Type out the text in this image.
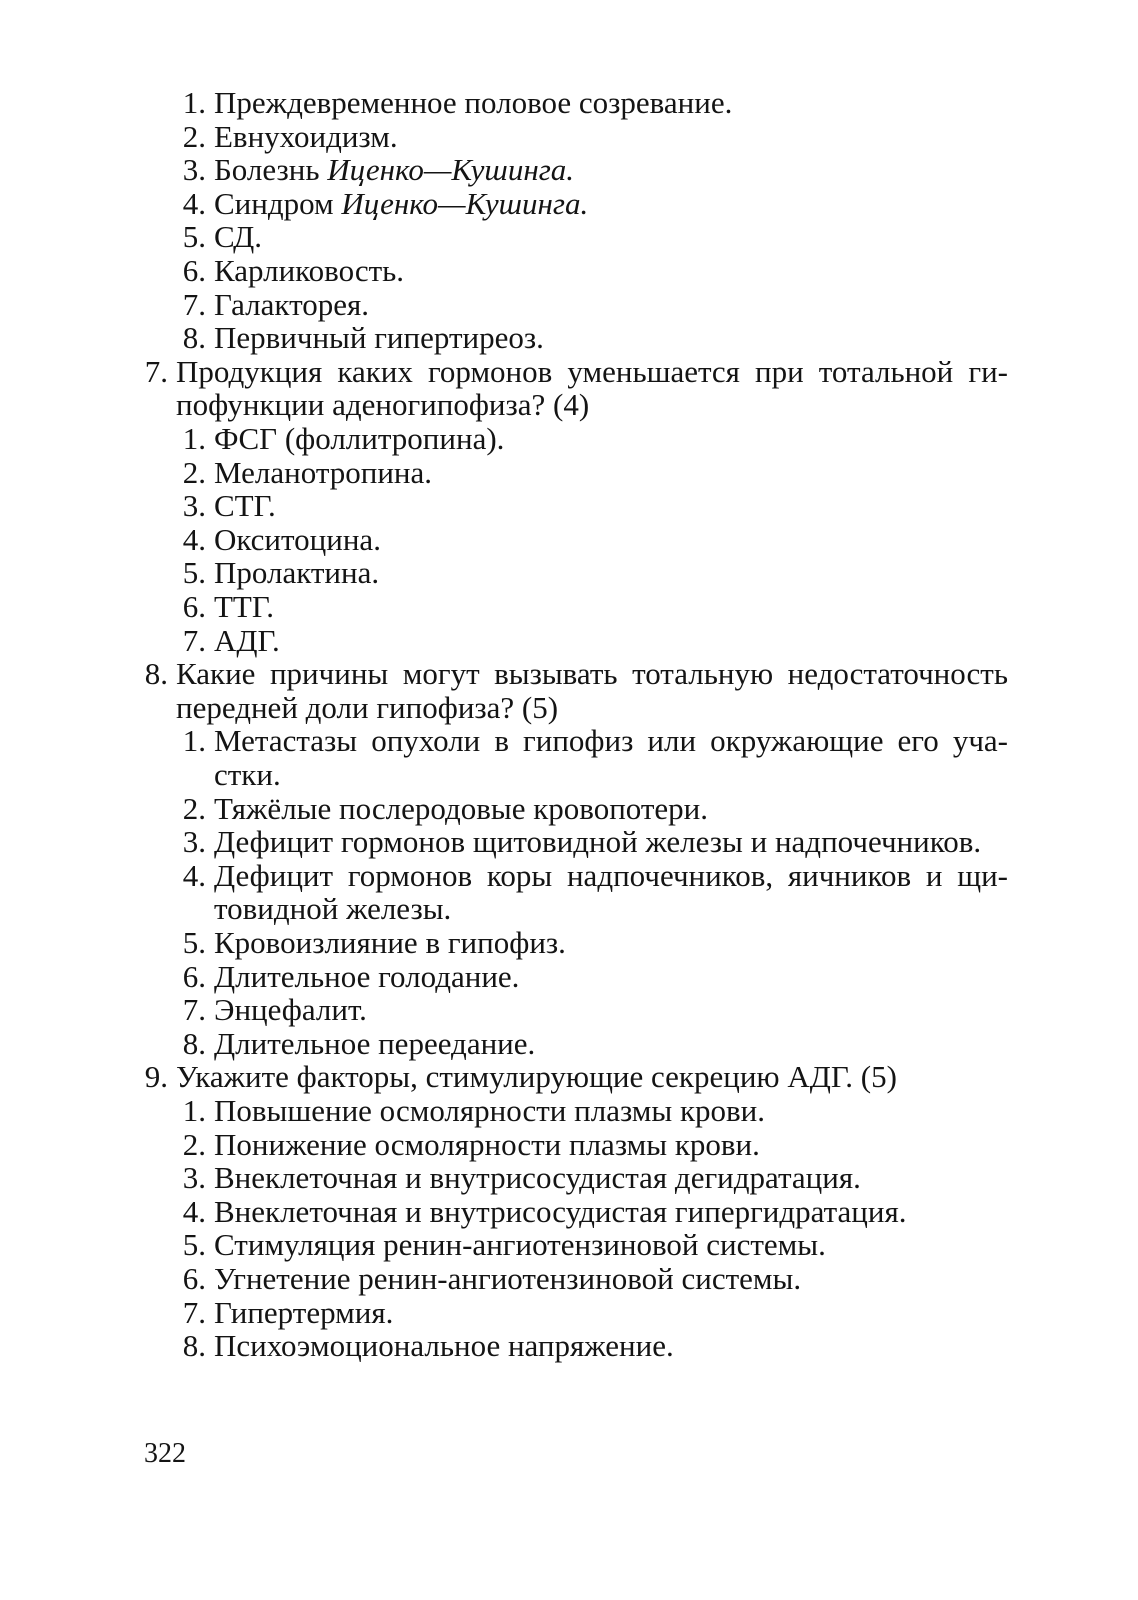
1. Преждевременное половое созревание.
2. Евнухоидизм.
3. Болезнь Иценко—Кушинга.
4. Синдром Иценко—Кушинга.
5. СД.
6. Карликовость.
7. Галакторея.
8. Первичный гипертиреоз.
7. Продукция каких гормонов уменьшается при тотальной ги-
пофункции аденогипофиза? (4)
1. ФСГ (фоллитропина).
2. Меланотропина.
3. СТГ.
4. Окситоцина.
5. Пролактина.
6. ТТГ.
7. АДГ.
8. Какие причины могут вызывать тотальную недостаточность
передней доли гипофиза? (5)
1. Метастазы опухоли в гипофиз или окружающие его уча-
стки.
2. Тяжёлые послеродовые кровопотери.
3. Дефицит гормонов щитовидной железы и надпочечников.
4. Дефицит гормонов коры надпочечников, яичников и щи-
товидной железы.
5. Кровоизлияние в гипофиз.
6. Длительное голодание.
7. Энцефалит.
8. Длительное переедание.
9. Укажите факторы, стимулирующие секрецию АДГ. (5)
1. Повышение осмолярности плазмы крови.
2. Понижение осмолярности плазмы крови.
3. Внеклеточная и внутрисосудистая дегидратация.
4. Внеклеточная и внутрисосудистая гипергидратация.
5. Стимуляция ренин-ангиотензиновой системы.
6. Угнетение ренин-ангиотензиновой системы.
7. Гипертермия.
8. Психоэмоциональное напряжение.
322
